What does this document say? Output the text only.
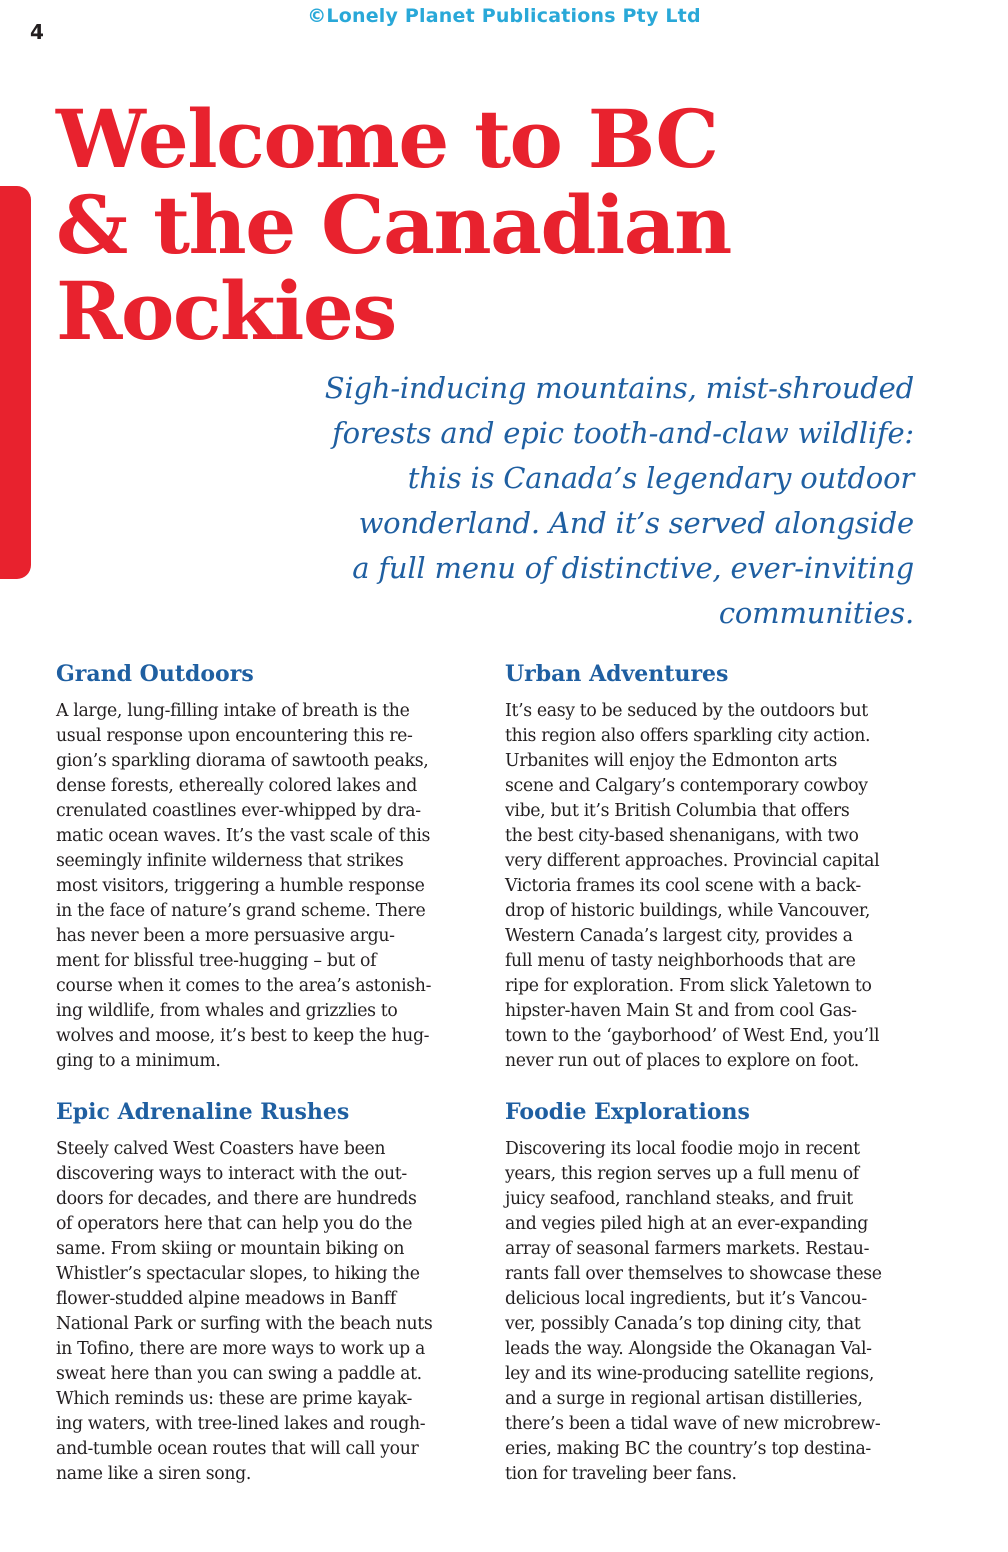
©Lonely Planet Publications Pty Ltd
4
Welcome to BC
& the Canadian
Rockies

Sigh-inducing mountains, mist-shrouded
forests and epic tooth-and-claw wildlife:
this is Canada’s legendary outdoor
wonderland. And it’s served alongside
a full menu of distinctive, ever-inviting
communities.

Grand Outdoors
A large, lung-filling intake of breath is the
usual response upon encountering this re-
gion’s sparkling diorama of sawtooth peaks,
dense forests, ethereally colored lakes and
crenulated coastlines ever-whipped by dra-
matic ocean waves. It’s the vast scale of this
seemingly infinite wilderness that strikes
most visitors, triggering a humble response
in the face of nature’s grand scheme. There
has never been a more persuasive argu-
ment for blissful tree-hugging – but of
course when it comes to the area’s astonish-
ing wildlife, from whales and grizzlies to
wolves and moose, it’s best to keep the hug-
ging to a minimum.
Urban Adventures
It’s easy to be seduced by the outdoors but
this region also offers sparkling city action.
Urbanites will enjoy the Edmonton arts
scene and Calgary’s contemporary cowboy
vibe, but it’s British Columbia that offers
the best city-based shenanigans, with two
very different approaches. Provincial capital
Victoria frames its cool scene with a back-
drop of historic buildings, while Vancouver,
Western Canada’s largest city, provides a
full menu of tasty neighborhoods that are
ripe for exploration. From slick Yaletown to
hipster-haven Main St and from cool Gas-
town to the ‘gayborhood’ of West End, you’ll
never run out of places to explore on foot.
Epic Adrenaline Rushes
Steely calved West Coasters have been
discovering ways to interact with the out-
doors for decades, and there are hundreds
of operators here that can help you do the
same. From skiing or mountain biking on
Whistler’s spectacular slopes, to hiking the
flower-studded alpine meadows in Banff
National Park or surfing with the beach nuts
in Tofino, there are more ways to work up a
sweat here than you can swing a paddle at.
Which reminds us: these are prime kayak-
ing waters, with tree-lined lakes and rough-
and-tumble ocean routes that will call your
name like a siren song.
Foodie Explorations
Discovering its local foodie mojo in recent
years, this region serves up a full menu of
juicy seafood, ranchland steaks, and fruit
and vegies piled high at an ever-expanding
array of seasonal farmers markets. Restau-
rants fall over themselves to showcase these
delicious local ingredients, but it’s Vancou-
ver, possibly Canada’s top dining city, that
leads the way. Alongside the Okanagan Val-
ley and its wine-producing satellite regions,
and a surge in regional artisan distilleries,
there’s been a tidal wave of new microbrew-
eries, making BC the country’s top destina-
tion for traveling beer fans.
